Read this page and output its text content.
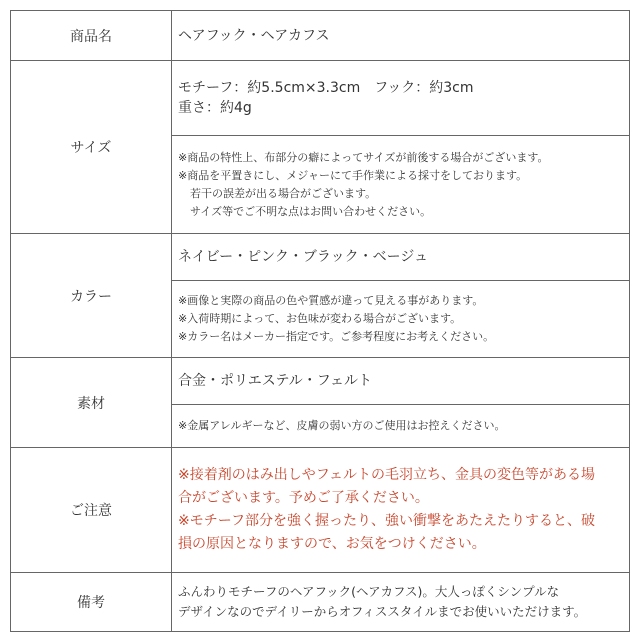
商品名	ヘアフック・ヘアカフス
サイズ	モチーフ：約5.5cm×3.3cm　フック：約3cm
重さ：約4g

	※商品の特性上、布部分の癖によってサイズが前後する場合がございます。
※商品を平置きにし、メジャーにて手作業による採寸をしております。
若干の誤差が出る場合がございます。
サイズ等でご不明な点はお問い合わせください。

カラー	ネイビー・ピンク・ブラック・ベージュ

	※画像と実際の商品の色や質感が違って見える事があります。
※入荷時期によって、お色味が変わる場合がございます。
※カラー名はメーカー指定です。ご参考程度にお考えください。

素材	合金・ポリエステル・フェルト
	※金属アレルギーなど、皮膚の弱い方のご使用はお控えください。
ご注意	※接着剤のはみ出しやフェルトの毛羽立ち、金具の変色等がある場
合がございます。予めご了承ください。
※モチーフ部分を強く握ったり、強い衝撃をあたえたりすると、破
損の原因となりますので、お気をつけください。

備考	ふんわりモチーフのヘアフック(ヘアカフス)。大人っぽくシンプルな
デザインなのでデイリーからオフィススタイルまでお使いいただけます。
